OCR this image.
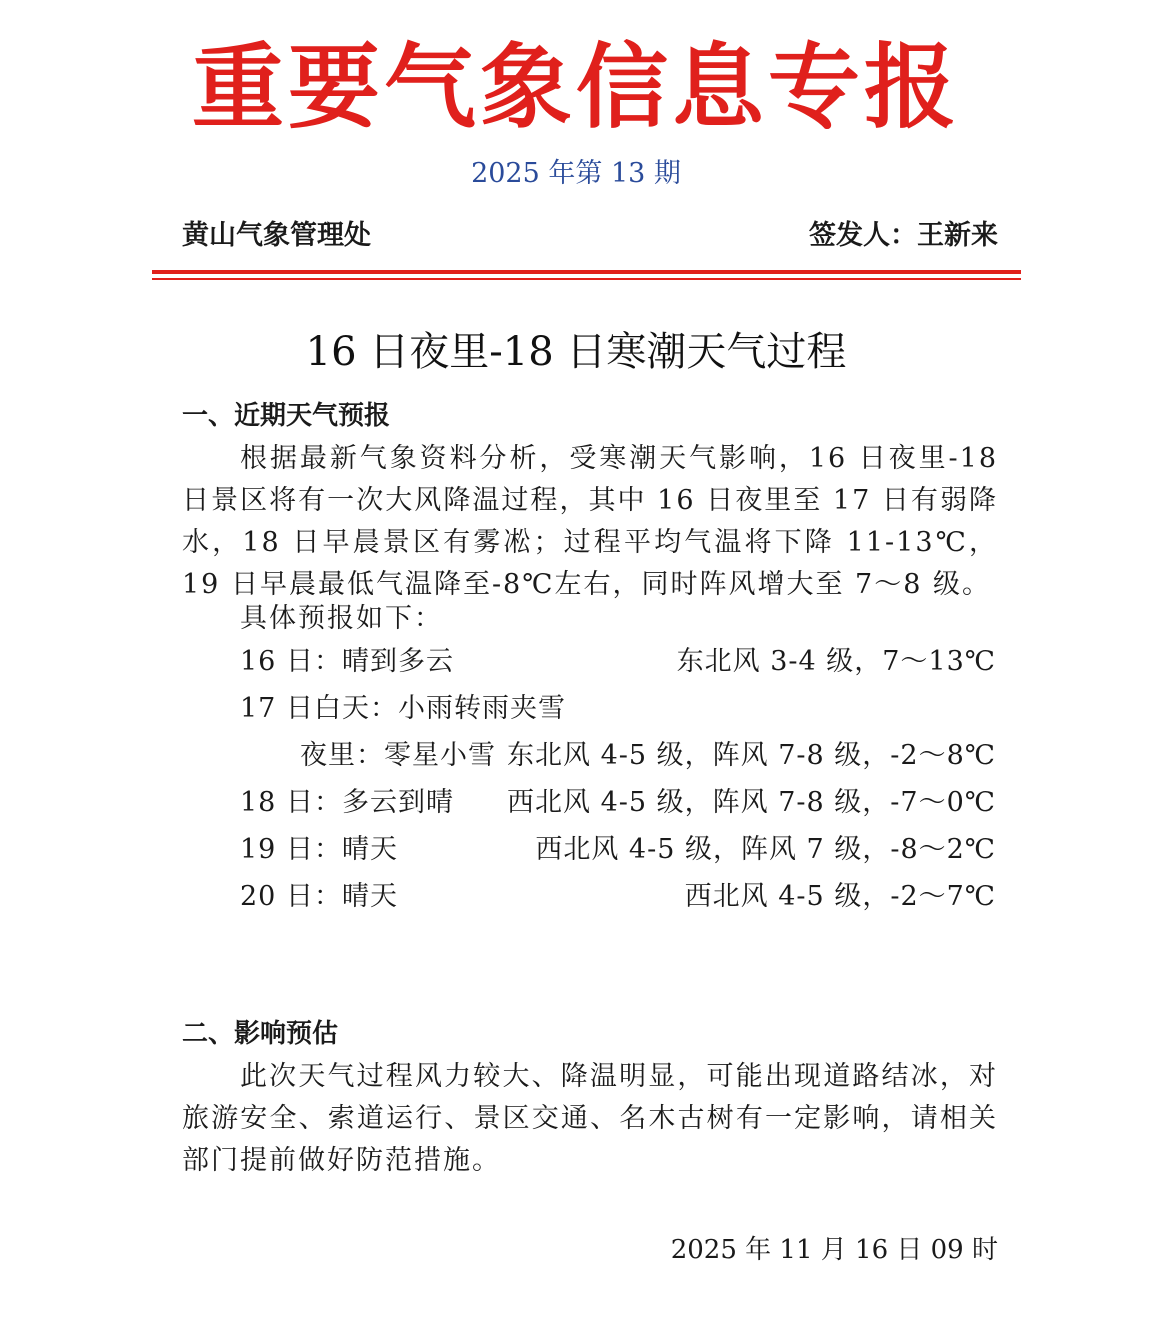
重要气象信息专报
2025 年第 13 期
黄山气象管理处	签发人：王新来
16 日夜里-18 日寒潮天气过程
一、近期天气预报
根据最新气象资料分析，受寒潮天气影响，16 日夜里-18 日景区将有一次大风降温过程，其中 16 日夜里至 17 日有弱降水，18 日早晨景区有雾凇；过程平均气温将下降 11-13℃，19 日早晨最低气温降至-8℃左右，同时阵风增大至 7～8 级。
具体预报如下：
16 日：晴到多云	东北风 3-4 级，7～13℃
17 日白天：小雨转雨夹雪
夜里：零星小雪 东北风 4-5 级，阵风 7-8 级，-2～8℃
18 日：多云到晴 西北风 4-5 级，阵风 7-8 级，-7～0℃
19 日：晴天	西北风 4-5 级，阵风 7 级，-8～2℃
20 日：晴天	西北风 4-5 级，-2～7℃
二、影响预估
此次天气过程风力较大、降温明显，可能出现道路结冰，对旅游安全、索道运行、景区交通、名木古树有一定影响，请相关部门提前做好防范措施。
2025 年 11 月 16 日 09 时
